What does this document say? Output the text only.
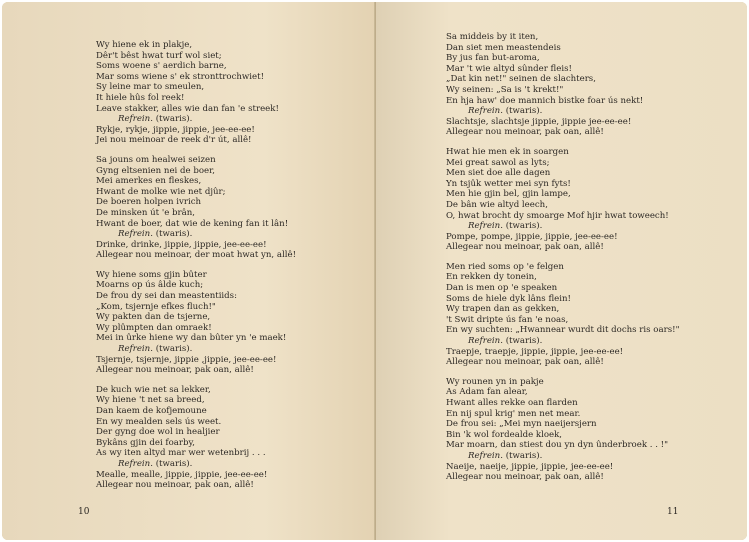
Wy hiene ek in plakje,
Dêr't bêst hwat turf wol siet;
Soms woene s' aerdich barne,
Mar soms wiene s' ek stronttrochwiet!
Sy leine mar to smeulen,
It hiele hûs fol reek!
Leave stakker, alles wie dan fan 'e streek!
Refrein. (twaris).
Rykje, rykje, jippie, jippie, jee-ee-ee!
Jei nou meinoar de reek d'r út, allê!
Sa jouns om healwei seizen
Gyng eltsenien nei de boer,
Mei amerkes en fleskes,
Hwant de molke wie net djûr;
De boeren holpen ivrich
De minsken út 'e brân,
Hwant de boer, dat wie de kening fan it lân!
Refrein. (twaris).
Drinke, drinke, jippie, jippie, jee-ee-ee!
Allegear nou meinoar, der moat hwat yn, allê!
Wy hiene soms gjin bûter
Moarns op ús âlde kuch;
De frou dy sei dan meastentiids:
„Kom, tsjernje efkes fluch!"
Wy pakten dan de tsjerne,
Wy plûmpten dan omraek!
Mei in ûrke hiene wy dan bûter yn 'e maek!
Refrein. (twaris).
Tsjernje, tsjernje, jippie ,jippie, jee-ee-ee!
Allegear nou meinoar, pak oan, allê!
De kuch wie net sa lekker,
Wy hiene 't net sa breed,
Dan kaem de kofjemoune
En wy mealden sels ús weet.
Der gyng doe wol in healjier
Bykâns gjin dei foarby,
As wy iten altyd mar wer wetenbrij . . .
Refrein. (twaris).
Mealle, mealle, jippie, jippie, jee-ee-ee!
Allegear nou meinoar, pak oan, allê!
10
Sa middeis by it iten,
Dan siet men meastendeis
By jus fan but-aroma,
Mar 't wie altyd sûnder fleis!
„Dat kin net!" seinen de slachters,
Wy seinen: „Sa is 't krekt!"
En hja haw' doe mannich bistke foar ús nekt!
Refrein. (twaris).
Slachtsje, slachtsje jippie, jippie jee-ee-ee!
Allegear nou meinoar, pak oan, allê!
Hwat hie men ek in soargen
Mei great sawol as lyts;
Men siet doe alle dagen
Yn tsjûk wetter mei syn fyts!
Men hie gjin bel, gjin lampe,
De bân wie altyd leech,
O, hwat brocht dy smoarge Mof hjir hwat toweech!
Refrein. (twaris).
Pompe, pompe, jippie, jippie, jee-ee-ee!
Allegear nou meinoar, pak oan, allê!
Men ried soms op 'e felgen
En rekken dy tonein,
Dan is men op 'e speaken
Soms de hiele dyk lâns flein!
Wy trapen dan as gekken,
't Swit dripte ús fan 'e noas,
En wy suchten: „Hwannear wurdt dit dochs ris oars!"
Refrein. (twaris).
Traepje, traepje, jippie, jippie, jee-ee-ee!
Allegear nou meinoar, pak oan, allê!
Wy rounen yn in pakje
As Adam fan alear,
Hwant alles rekke oan flarden
En nij spul krig' men net mear.
De frou sei: „Mei myn naeijersjern
Bin 'k wol fordealde kloek,
Mar moarn, dan stiest dou yn dyn ûnderbroek . . !"
Refrein. (twaris).
Naeije, naeije, jippie, jippie, jee-ee-ee!
Allegear nou meinoar, pak oan, allê!
11
